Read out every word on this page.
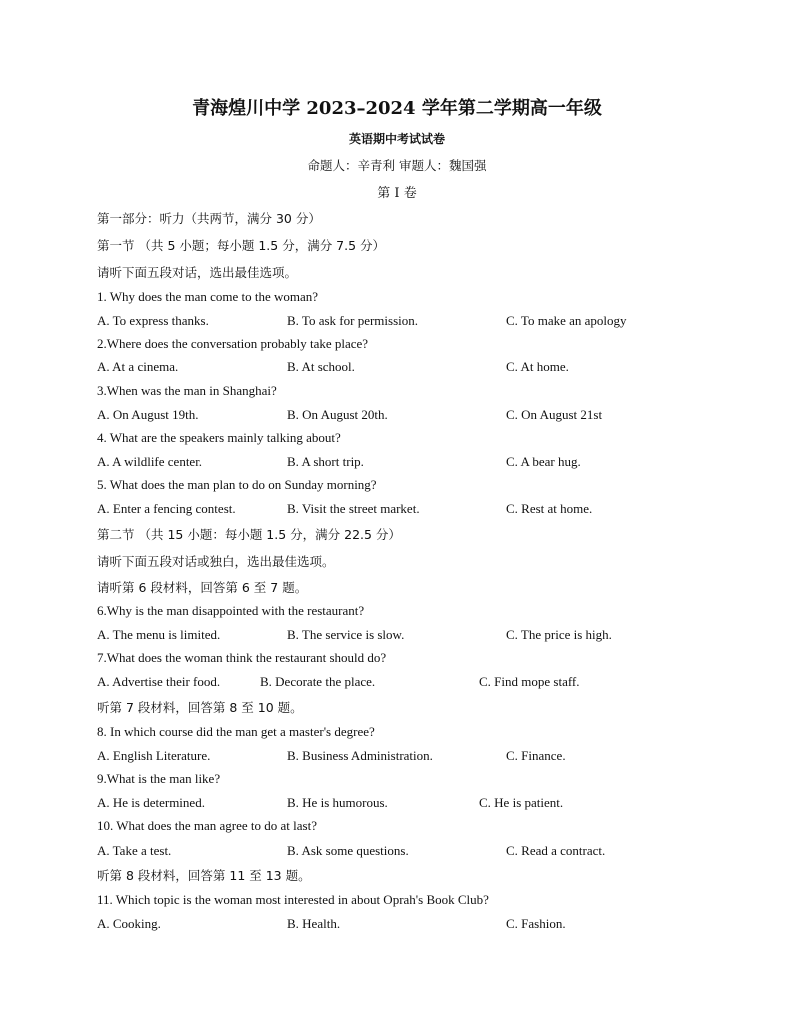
青海煌川中学 2023–2024 学年第二学期高一年级
英语期中考试试卷
命题人：辛青利 审题人：魏国强
第 I 卷
第一部分：听力（共两节，满分 30 分）
第一节 （共 5 小题；每小题 1.5 分，满分 7.5 分）
请听下面五段对话，选出最佳选项。
1. Why does the man come to the woman?
A. To express thanks.	B. To ask for permission.	C. To make an apology
2.Where does the conversation probably take place?
A. At a cinema.	B. At school.	C. At home.
3.When was the man in Shanghai?
A. On August 19th.	B. On August 20th.	C. On August 21st
4. What are the speakers mainly talking about?
A. A wildlife center.	B. A short trip.	C. A bear hug.
5. What does the man plan to do on Sunday morning?
A. Enter a fencing contest.	B. Visit the street market.	C. Rest at home.
第二节 （共 15 小题：每小题 1.5 分，满分 22.5 分）
请听下面五段对话或独白，选出最佳选项。
请听第 6 段材料，回答第 6 至 7 题。
6.Why is the man disappointed with the restaurant?
A. The menu is limited.	B. The service is slow.	C. The price is high.
7.What does the woman think the restaurant should do?
A. Advertise their food.	B. Decorate the place.	C. Find mope staff.
听第 7 段材料，回答第 8 至 10 题。
8. In which course did the man get a master's degree?
A. English Literature.	B. Business Administration.	C. Finance.
9.What is the man like?
A. He is determined.	B. He is humorous.	C. He is patient.
10. What does the man agree to do at last?
A. Take a test.	B. Ask some questions.	C. Read a contract.
听第 8 段材料，回答第 11 至 13 题。
11. Which topic is the woman most interested in about Oprah's Book Club?
A. Cooking.	B. Health.	C. Fashion.
